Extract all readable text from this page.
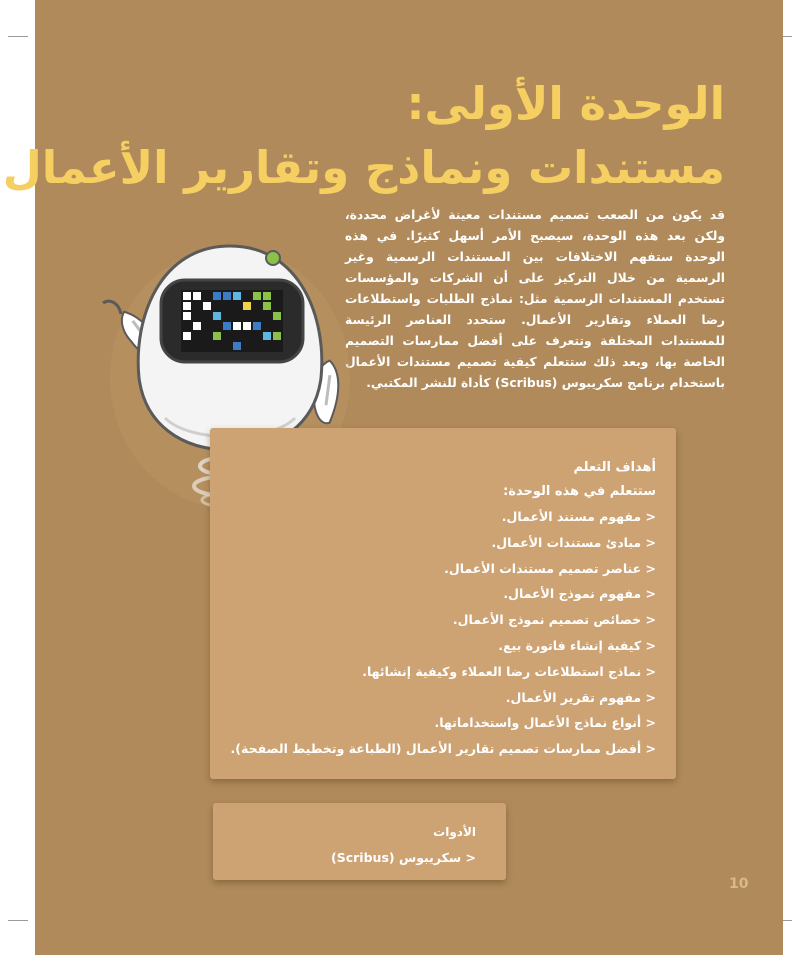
الوحدة الأولى:
مستندات ونماذج وتقارير الأعمال

قد يكون من الصعب تصميم مستندات معينة لأغراض محددة، ولكن بعد هذه الوحدة، سيصبح الأمر أسهل كثيرًا. في هذه الوحدة ستفهم الاختلافات بين المستندات الرسمية وغير الرسمية من خلال التركيز على أن الشركات والمؤسسات تستخدم المستندات الرسمية مثل: نماذج الطلبات واستطلاعات رضا العملاء وتقارير الأعمال. ستحدد العناصر الرئيسة للمستندات المختلفة وتتعرف على أفضل ممارسات التصميم الخاصة بها، وبعد ذلك ستتعلم كيفية تصميم مستندات الأعمال باستخدام برنامج سكريبوس (Scribus) كأداة للنشر المكتبي.

أهداف التعلم
ستتعلم في هذه الوحدة:
< مفهوم مستند الأعمال.
< مبادئ مستندات الأعمال.
< عناصر تصميم مستندات الأعمال.
< مفهوم نموذج الأعمال.
< خصائص تصميم نموذج الأعمال.
< كيفية إنشاء فاتورة بيع.
< نماذج استطلاعات رضا العملاء وكيفية إنشائها.
< مفهوم تقرير الأعمال.
< أنواع نماذج الأعمال واستخداماتها.
< أفضل ممارسات تصميم تقارير الأعمال (الطباعة وتخطيط الصفحة).
الأدوات
< سكريبوس (Scribus)
10
